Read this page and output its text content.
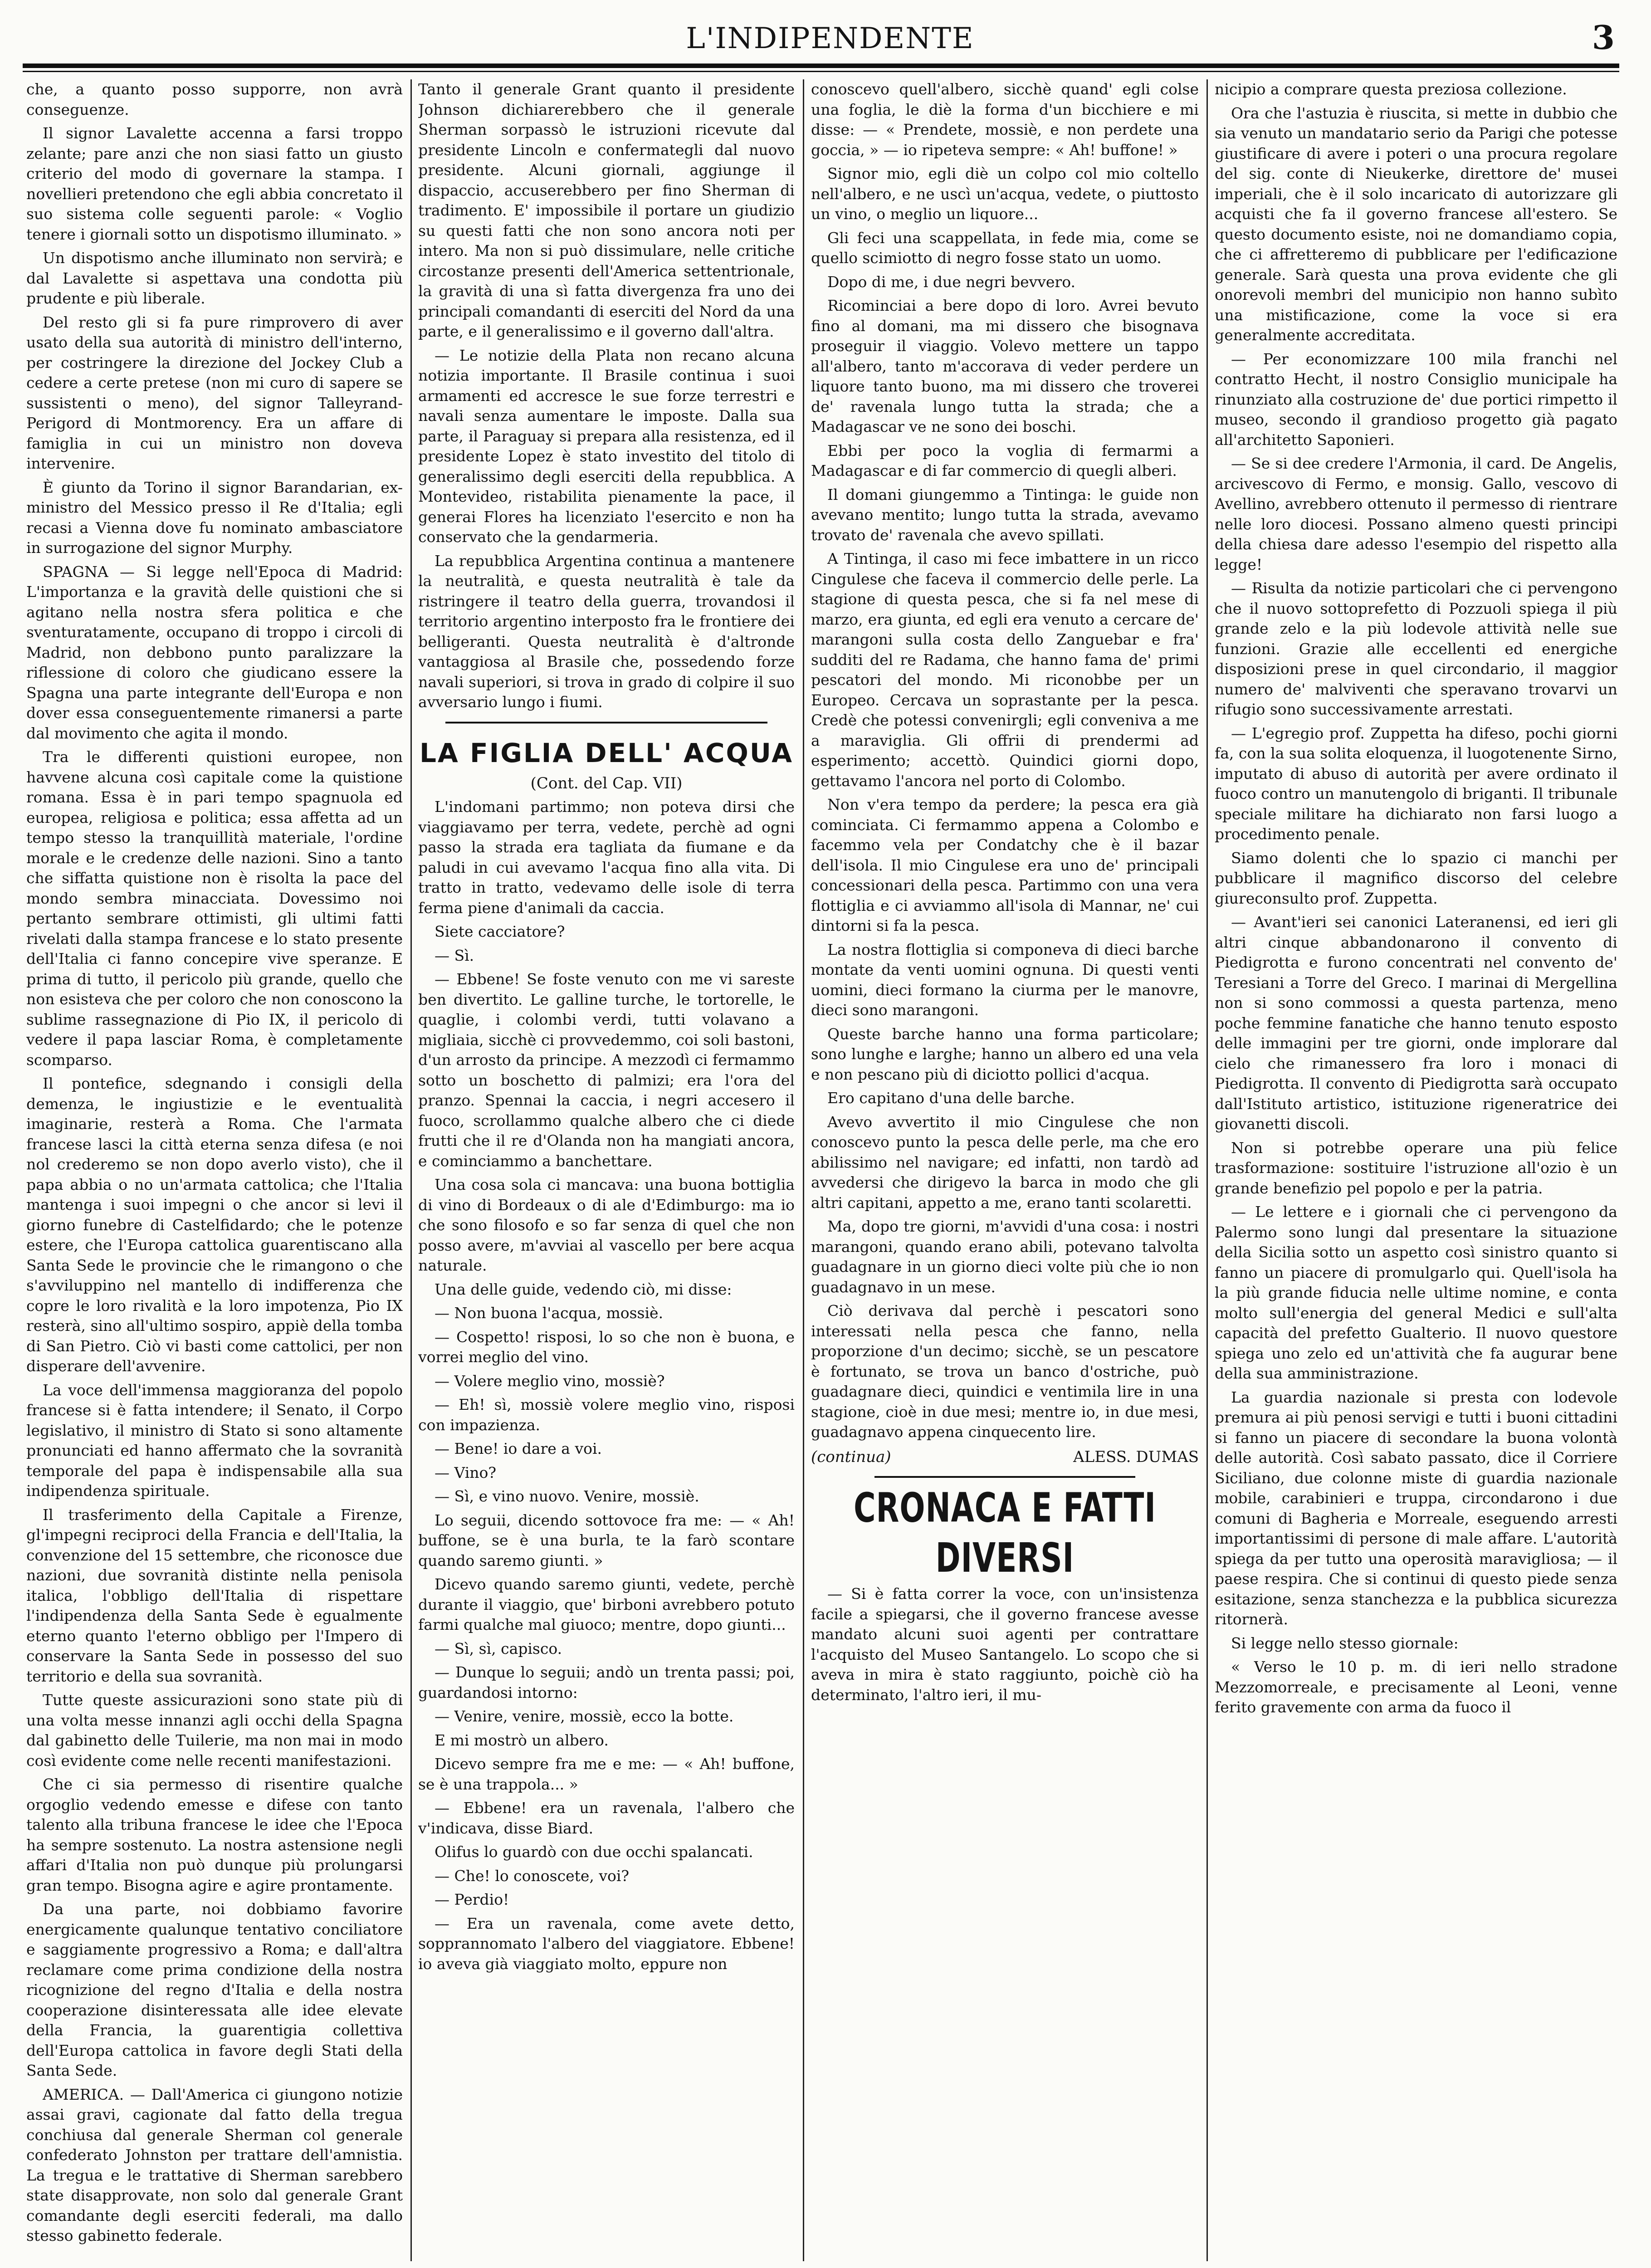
L'INDIPENDENTE	3

che, a quanto posso supporre, non avrà conseguenze.

Il signor Lavalette accenna a farsi troppo zelante; pare anzi che non siasi fatto un giusto criterio del modo di governare la stampa. I novellieri pretendono che egli abbia concretato il suo sistema colle seguenti parole: « Voglio tenere i giornali sotto un dispotismo illuminato. »

Un dispotismo anche illuminato non servirà; e dal Lavalette si aspettava una condotta più prudente e più liberale.

Del resto gli si fa pure rimprovero di aver usato della sua autorità di ministro dell'interno, per costringere la direzione del Jockey Club a cedere a certe pretese (non mi curo di sapere se sussistenti o meno), del signor Talleyrand-Perigord di Montmorency. Era un affare di famiglia in cui un ministro non doveva intervenire.

È giunto da Torino il signor Barandarian, ex-ministro del Messico presso il Re d'Italia; egli recasi a Vienna dove fu nominato ambasciatore in surrogazione del signor Murphy.

SPAGNA — Si legge nell'Epoca di Madrid: L'importanza e la gravità delle quistioni che si agitano nella nostra sfera politica e che sventuratamente, occupano di troppo i circoli di Madrid, non debbono punto paralizzare la riflessione di coloro che giudicano essere la Spagna una parte integrante dell'Europa e non dover essa conseguentemente rimanersi a parte dal movimento che agita il mondo.

Tra le differenti quistioni europee, non havvene alcuna così capitale come la quistione romana. Essa è in pari tempo spagnuola ed europea, religiosa e politica; essa affetta ad un tempo stesso la tranquillità materiale, l'ordine morale e le credenze delle nazioni. Sino a tanto che siffatta quistione non è risolta la pace del mondo sembra minacciata. Dovessimo noi pertanto sembrare ottimisti, gli ultimi fatti rivelati dalla stampa francese e lo stato presente dell'Italia ci fanno concepire vive speranze. E prima di tutto, il pericolo più grande, quello che non esisteva che per coloro che non conoscono la sublime rassegnazione di Pio IX, il pericolo di vedere il papa lasciar Roma, è completamente scomparso.

Il pontefice, sdegnando i consigli della demenza, le ingiustizie e le eventualità imaginarie, resterà a Roma. Che l'armata francese lasci la città eterna senza difesa (e noi nol crederemo se non dopo averlo visto), che il papa abbia o no un'armata cattolica; che l'Italia mantenga i suoi impegni o che ancor si levi il giorno funebre di Castelfidardo; che le potenze estere, che l'Europa cattolica guarentiscano alla Santa Sede le provincie che le rimangono o che s'avviluppino nel mantello di indifferenza che copre le loro rivalità e la loro impotenza, Pio IX resterà, sino all'ultimo sospiro, appiè della tomba di San Pietro. Ciò vi basti come cattolici, per non disperare dell'avvenire.

La voce dell'immensa maggioranza del popolo francese si è fatta intendere; il Senato, il Corpo legislativo, il ministro di Stato si sono altamente pronunciati ed hanno affermato che la sovranità temporale del papa è indispensabile alla sua indipendenza spirituale.

Il trasferimento della Capitale a Firenze, gl'impegni reciproci della Francia e dell'Italia, la convenzione del 15 settembre, che riconosce due nazioni, due sovranità distinte nella penisola italica, l'obbligo dell'Italia di rispettare l'indipendenza della Santa Sede è egualmente eterno quanto l'eterno obbligo per l'Impero di conservare la Santa Sede in possesso del suo territorio e della sua sovranità.

Tutte queste assicurazioni sono state più di una volta messe innanzi agli occhi della Spagna dal gabinetto delle Tuilerie, ma non mai in modo così evidente come nelle recenti manifestazioni.

Che ci sia permesso di risentire qualche orgoglio vedendo emesse e difese con tanto talento alla tribuna francese le idee che l'Epoca ha sempre sostenuto. La nostra astensione negli affari d'Italia non può dunque più prolungarsi gran tempo. Bisogna agire e agire prontamente.

Da una parte, noi dobbiamo favorire energicamente qualunque tentativo conciliatore e saggiamente progressivo a Roma; e dall'altra reclamare come prima condizione della nostra ricognizione del regno d'Italia e della nostra cooperazione disinteressata alle idee elevate della Francia, la guarentigia collettiva dell'Europa cattolica in favore degli Stati della Santa Sede.

AMERICA. — Dall'America ci giungono notizie assai gravi, cagionate dal fatto della tregua conchiusa dal generale Sherman col generale confederato Johnston per trattare dell'amnistia. La tregua e le trattative di Sherman sarebbero state disapprovate, non solo dal generale Grant comandante degli eserciti federali, ma dallo stesso gabinetto federale.

Tanto il generale Grant quanto il presidente Johnson dichiarerebbero che il generale Sherman sorpassò le istruzioni ricevute dal presidente Lincoln e confermategli dal nuovo presidente. Alcuni giornali, aggiunge il dispaccio, accuserebbero per fino Sherman di tradimento. E' impossibile il portare un giudizio su questi fatti che non sono ancora noti per intero. Ma non si può dissimulare, nelle critiche circostanze presenti dell'America settentrionale, la gravità di una sì fatta divergenza fra uno dei principali comandanti di eserciti del Nord da una parte, e il generalissimo e il governo dall'altra.

— Le notizie della Plata non recano alcuna notizia importante. Il Brasile continua i suoi armamenti ed accresce le sue forze terrestri e navali senza aumentare le imposte. Dalla sua parte, il Paraguay si prepara alla resistenza, ed il presidente Lopez è stato investito del titolo di generalissimo degli eserciti della repubblica. A Montevideo, ristabilita pienamente la pace, il generai Flores ha licenziato l'esercito e non ha conservato che la gendarmeria.

La repubblica Argentina continua a mantenere la neutralità, e questa neutralità è tale da ristringere il teatro della guerra, trovandosi il territorio argentino interposto fra le frontiere dei belligeranti. Questa neutralità è d'altronde vantaggiosa al Brasile che, possedendo forze navali superiori, si trova in grado di colpire il suo avversario lungo i fiumi.

LA FIGLIA DELL' ACQUA

(Cont. del Cap. VII)

L'indomani partimmo; non poteva dirsi che viaggiavamo per terra, vedete, perchè ad ogni passo la strada era tagliata da fiumane e da paludi in cui avevamo l'acqua fino alla vita. Di tratto in tratto, vedevamo delle isole di terra ferma piene d'animali da caccia.

Siete cacciatore?

— Sì.

— Ebbene! Se foste venuto con me vi sareste ben divertito. Le galline turche, le tortorelle, le quaglie, i colombi verdi, tutti volavano a migliaia, sicchè ci provvedemmo, coi soli bastoni, d'un arrosto da principe. A mezzodì ci fermammo sotto un boschetto di palmizi; era l'ora del pranzo. Spennai la caccia, i negri accesero il fuoco, scrollammo qualche albero che ci diede frutti che il re d'Olanda non ha mangiati ancora, e cominciammo a banchettare.

Una cosa sola ci mancava: una buona bottiglia di vino di Bordeaux o di ale d'Edimburgo: ma io che sono filosofo e so far senza di quel che non posso avere, m'avviai al vascello per bere acqua naturale.

Una delle guide, vedendo ciò, mi disse:

— Non buona l'acqua, mossiè.

— Cospetto! risposi, lo so che non è buona, e vorrei meglio del vino.

— Volere meglio vino, mossiè?

— Eh! sì, mossiè volere meglio vino, risposi con impazienza.

— Bene! io dare a voi.

— Vino?

— Sì, e vino nuovo. Venire, mossiè.

Lo seguii, dicendo sottovoce fra me: — « Ah! buffone, se è una burla, te la farò scontare quando saremo giunti. »

Dicevo quando saremo giunti, vedete, perchè durante il viaggio, que' birboni avrebbero potuto farmi qualche mal giuoco; mentre, dopo giunti...

— Sì, sì, capisco.

— Dunque lo seguii; andò un trenta passi; poi, guardandosi intorno:

— Venire, venire, mossiè, ecco la botte.

E mi mostrò un albero.

Dicevo sempre fra me e me: — « Ah! buffone, se è una trappola... »

— Ebbene! era un ravenala, l'albero che v'indicava, disse Biard.

Olifus lo guardò con due occhi spalancati.

— Che! lo conoscete, voi?

— Perdio!

— Era un ravenala, come avete detto, sopprannomato l'albero del viaggiatore. Ebbene! io aveva già viaggiato molto, eppure non

conoscevo quell'albero, sicchè quand' egli colse una foglia, le diè la forma d'un bicchiere e mi disse: — « Prendete, mossiè, e non perdete una goccia, » — io ripeteva sempre: « Ah! buffone! »

Signor mio, egli diè un colpo col mio coltello nell'albero, e ne uscì un'acqua, vedete, o piuttosto un vino, o meglio un liquore...

Gli feci una scappellata, in fede mia, come se quello scimiotto di negro fosse stato un uomo.

Dopo di me, i due negri bevvero.

Ricominciai a bere dopo di loro. Avrei bevuto fino al domani, ma mi dissero che bisognava proseguir il viaggio. Volevo mettere un tappo all'albero, tanto m'accorava di veder perdere un liquore tanto buono, ma mi dissero che troverei de' ravenala lungo tutta la strada; che a Madagascar ve ne sono dei boschi.

Ebbi per poco la voglia di fermarmi a Madagascar e di far commercio di quegli alberi.

Il domani giungemmo a Tintinga: le guide non avevano mentito; lungo tutta la strada, avevamo trovato de' ravenala che avevo spillati.

A Tintinga, il caso mi fece imbattere in un ricco Cingulese che faceva il commercio delle perle. La stagione di questa pesca, che si fa nel mese di marzo, era giunta, ed egli era venuto a cercare de' marangoni sulla costa dello Zanguebar e fra' sudditi del re Radama, che hanno fama de' primi pescatori del mondo. Mi riconobbe per un Europeo. Cercava un soprastante per la pesca. Credè che potessi convenirgli; egli conveniva a me a maraviglia. Gli offrii di prendermi ad esperimento; accettò. Quindici giorni dopo, gettavamo l'ancora nel porto di Colombo.

Non v'era tempo da perdere; la pesca era già cominciata. Ci fermammo appena a Colombo e facemmo vela per Condatchy che è il bazar dell'isola. Il mio Cingulese era uno de' principali concessionari della pesca. Partimmo con una vera flottiglia e ci avviammo all'isola di Mannar, ne' cui dintorni si fa la pesca.

La nostra flottiglia si componeva di dieci barche montate da venti uomini ognuna. Di questi venti uomini, dieci formano la ciurma per le manovre, dieci sono marangoni.

Queste barche hanno una forma particolare; sono lunghe e larghe; hanno un albero ed una vela e non pescano più di diciotto pollici d'acqua.

Ero capitano d'una delle barche.

Avevo avvertito il mio Cingulese che non conoscevo punto la pesca delle perle, ma che ero abilissimo nel navigare; ed infatti, non tardò ad avvedersi che dirigevo la barca in modo che gli altri capitani, appetto a me, erano tanti scolaretti.

Ma, dopo tre giorni, m'avvidi d'una cosa: i nostri marangoni, quando erano abili, potevano talvolta guadagnare in un giorno dieci volte più che io non guadagnavo in un mese.

Ciò derivava dal perchè i pescatori sono interessati nella pesca che fanno, nella proporzione d'un decimo; sicchè, se un pescatore è fortunato, se trova un banco d'ostriche, può guadagnare dieci, quindici e ventimila lire in una stagione, cioè in due mesi; mentre io, in due mesi, guadagnavo appena cinquecento lire.

(continua)	ALESS. DUMAS
CRONACA E FATTI DIVERSI

— Si è fatta correr la voce, con un'insistenza facile a spiegarsi, che il governo francese avesse mandato alcuni suoi agenti per contrattare l'acquisto del Museo Santangelo. Lo scopo che si aveva in mira è stato raggiunto, poichè ciò ha determinato, l'altro ieri, il mu-

nicipio a comprare questa preziosa collezione.

Ora che l'astuzia è riuscita, si mette in dubbio che sia venuto un mandatario serio da Parigi che potesse giustificare di avere i poteri o una procura regolare del sig. conte di Nieukerke, direttore de' musei imperiali, che è il solo incaricato di autorizzare gli acquisti che fa il governo francese all'estero. Se questo documento esiste, noi ne domandiamo copia, che ci affretteremo di pubblicare per l'edificazione generale. Sarà questa una prova evidente che gli onorevoli membri del municipio non hanno subìto una mistificazione, come la voce si era generalmente accreditata.

— Per economizzare 100 mila franchi nel contratto Hecht, il nostro Consiglio municipale ha rinunziato alla costruzione de' due portici rimpetto il museo, secondo il grandioso progetto già pagato all'architetto Saponieri.

— Se si dee credere l'Armonia, il card. De Angelis, arcivescovo di Fermo, e monsig. Gallo, vescovo di Avellino, avrebbero ottenuto il permesso di rientrare nelle loro diocesi. Possano almeno questi principi della chiesa dare adesso l'esempio del rispetto alla legge!

— Risulta da notizie particolari che ci pervengono che il nuovo sottoprefetto di Pozzuoli spiega il più grande zelo e la più lodevole attività nelle sue funzioni. Grazie alle eccellenti ed energiche disposizioni prese in quel circondario, il maggior numero de' malviventi che speravano trovarvi un rifugio sono successivamente arrestati.

— L'egregio prof. Zuppetta ha difeso, pochi giorni fa, con la sua solita eloquenza, il luogotenente Sirno, imputato di abuso di autorità per avere ordinato il fuoco contro un manutengolo di briganti. Il tribunale speciale militare ha dichiarato non farsi luogo a procedimento penale.

Siamo dolenti che lo spazio ci manchi per pubblicare il magnifico discorso del celebre giureconsulto prof. Zuppetta.

— Avant'ieri sei canonici Lateranensi, ed ieri gli altri cinque abbandonarono il convento di Piedigrotta e furono concentrati nel convento de' Teresiani a Torre del Greco. I marinai di Mergellina non si sono commossi a questa partenza, meno poche femmine fanatiche che hanno tenuto esposto delle immagini per tre giorni, onde implorare dal cielo che rimanessero fra loro i monaci di Piedigrotta. Il convento di Piedigrotta sarà occupato dall'Istituto artistico, istituzione rigeneratrice dei giovanetti discoli.

Non si potrebbe operare una più felice trasformazione: sostituire l'istruzione all'ozio è un grande benefizio pel popolo e per la patria.

— Le lettere e i giornali che ci pervengono da Palermo sono lungi dal presentare la situazione della Sicilia sotto un aspetto così sinistro quanto si fanno un piacere di promulgarlo qui. Quell'isola ha la più grande fiducia nelle ultime nomine, e conta molto sull'energia del general Medici e sull'alta capacità del prefetto Gualterio. Il nuovo questore spiega uno zelo ed un'attività che fa augurar bene della sua amministrazione.

La guardia nazionale si presta con lodevole premura ai più penosi servigi e tutti i buoni cittadini si fanno un piacere di secondare la buona volontà delle autorità. Così sabato passato, dice il Corriere Siciliano, due colonne miste di guardia nazionale mobile, carabinieri e truppa, circondarono i due comuni di Bagheria e Morreale, eseguendo arresti importantissimi di persone di male affare. L'autorità spiega da per tutto una operosità maravigliosa; — il paese respira. Che si continui di questo piede senza esitazione, senza stanchezza e la pubblica sicurezza ritornerà.

Si legge nello stesso giornale:

« Verso le 10 p. m. di ieri nello stradone Mezzomorreale, e precisamente al Leoni, venne ferito gravemente con arma da fuoco il
